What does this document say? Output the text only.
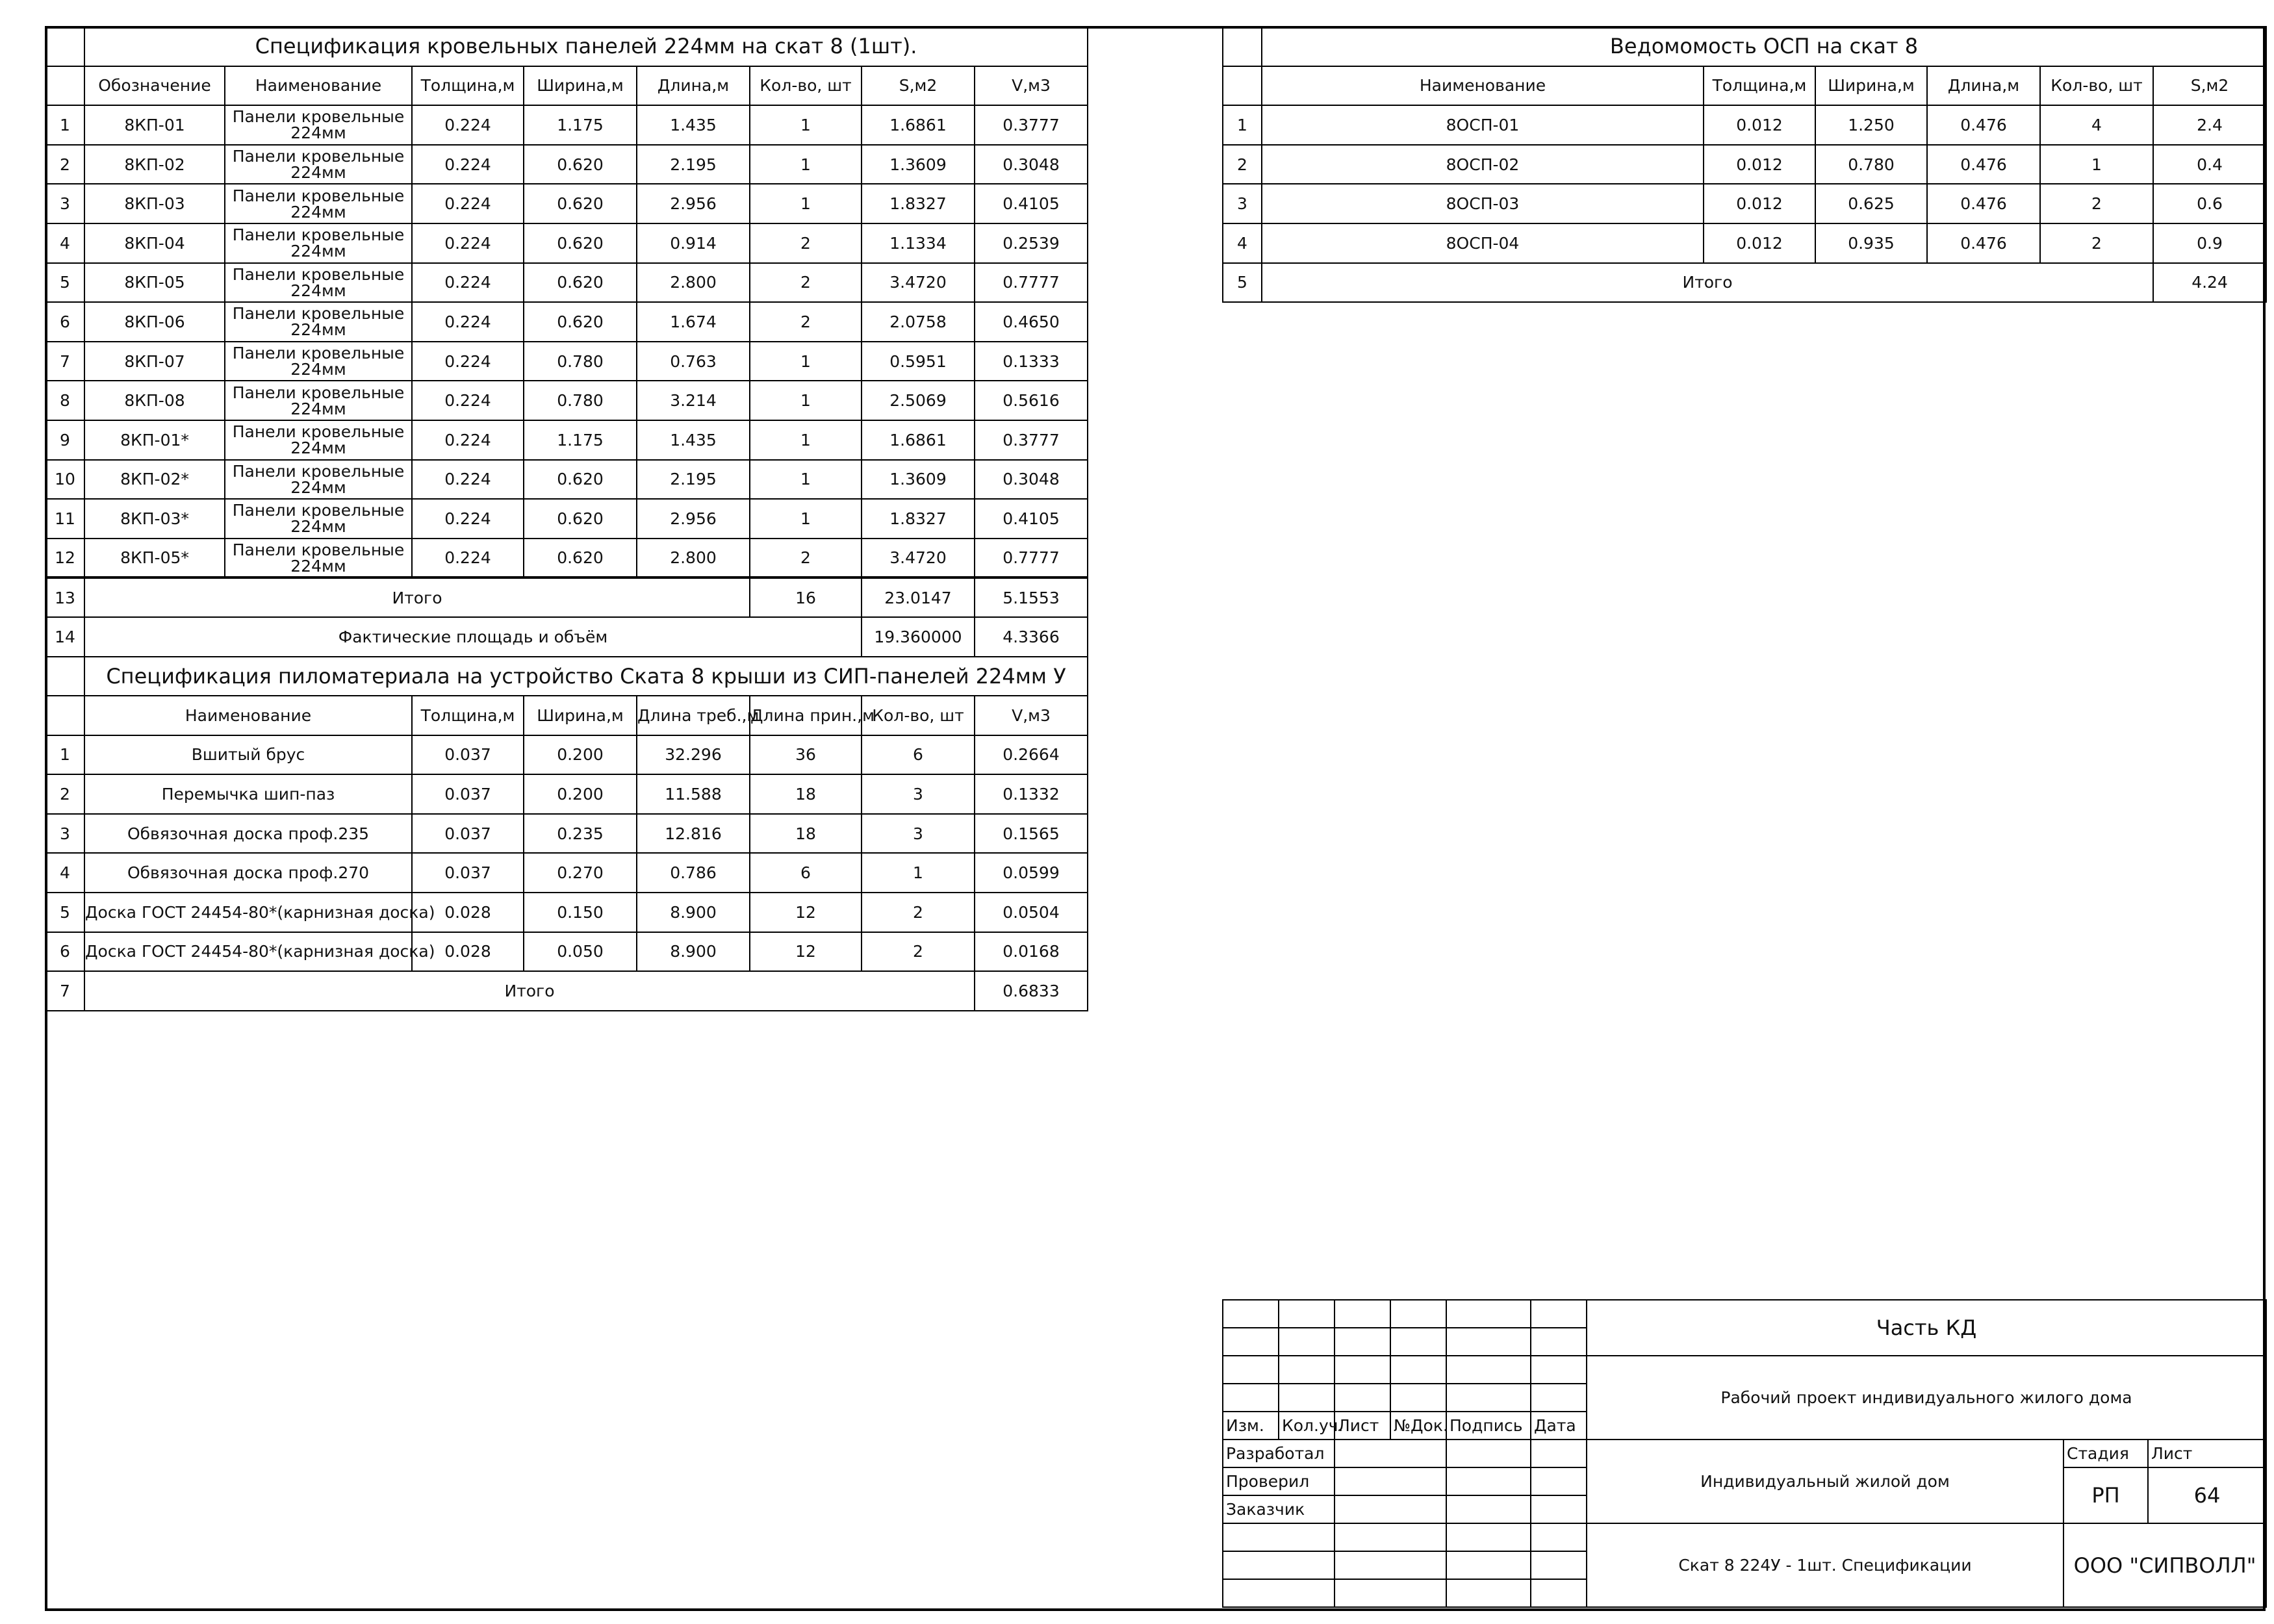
	Спецификация кровельных панелей 224мм на скат 8 (1шт).							
	Обозначение	Наименование	Толщина,м	Ширина,м	Длина,м	Кол-во, шт	S,м2	V,м3
1	8КП-01	Панели кровельные 224мм	0.224	1.175	1.435	1	1.6861	0.3777
2	8КП-02	Панели кровельные 224мм	0.224	0.620	2.195	1	1.3609	0.3048
3	8КП-03	Панели кровельные 224мм	0.224	0.620	2.956	1	1.8327	0.4105
4	8КП-04	Панели кровельные 224мм	0.224	0.620	0.914	2	1.1334	0.2539
5	8КП-05	Панели кровельные 224мм	0.224	0.620	2.800	2	3.4720	0.7777
6	8КП-06	Панели кровельные 224мм	0.224	0.620	1.674	2	2.0758	0.4650
7	8КП-07	Панели кровельные 224мм	0.224	0.780	0.763	1	0.5951	0.1333
8	8КП-08	Панели кровельные 224мм	0.224	0.780	3.214	1	2.5069	0.5616
9	8КП-01*	Панели кровельные 224мм	0.224	1.175	1.435	1	1.6861	0.3777
10	8КП-02*	Панели кровельные 224мм	0.224	0.620	2.195	1	1.3609	0.3048
11	8КП-03*	Панели кровельные 224мм	0.224	0.620	2.956	1	1.8327	0.4105
12	8КП-05*	Панели кровельные 224мм	0.224	0.620	2.800	2	3.4720	0.7777
13	Итого					16	23.0147	5.1553
14	Фактические площадь и объём						19.360000	4.3366
	Спецификация пиломатериала на устройство Ската 8 крыши из СИП-панелей 224мм У							
	Наименование		Толщина,м	Ширина,м	Длина треб.,м	Длина прин.,м	Кол-во, шт	V,м3
1	Вшитый брус		0.037	0.200	32.296	36	6	0.2664
2	Перемычка шип-паз		0.037	0.200	11.588	18	3	0.1332
3	Обвязочная доска проф.235		0.037	0.235	12.816	18	3	0.1565
4	Обвязочная доска проф.270		0.037	0.270	0.786	6	1	0.0599
5	Доска ГОСТ 24454-80*(карнизная доска)		0.028	0.150	8.900	12	2	0.0504
6	Доска ГОСТ 24454-80*(карнизная доска)		0.028	0.050	8.900	12	2	0.0168
7	Итого							0.6833
	Ведомомость ОСП на скат 8					
	Наименование	Толщина,м	Ширина,м	Длина,м	Кол-во, шт	S,м2
1	8ОСП-01	0.012	1.250	0.476	4	2.4
2	8ОСП-02	0.012	0.780	0.476	1	0.4
3	8ОСП-03	0.012	0.625	0.476	2	0.6
4	8ОСП-04	0.012	0.935	0.476	2	0.9
5	Итого					4.24
						Часть КД			

						Рабочий проект индивидуального жилого дома			

Изм.	Кол.уч.	Лист	№Док.	Подпись	Дата				
Разработал						Индивидуальный жилой дом	Стадия	Лист	
Проверил							РП	64	
Заказчик									
						Скат 8 224У - 1шт. Спецификации	ООО "СИПВОЛЛ"		
